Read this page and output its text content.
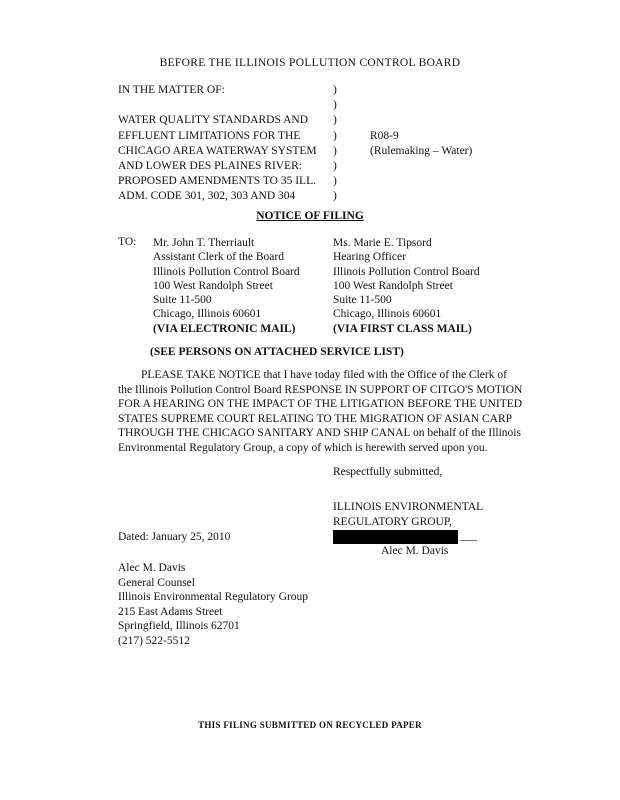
BEFORE THE ILLINOIS POLLUTION CONTROL BOARD
IN THE MATTER OF:
WATER QUALITY STANDARDS AND
EFFLUENT LIMITATIONS FOR THE
CHICAGO AREA WATERWAY SYSTEM
AND LOWER DES PLAINES RIVER:
PROPOSED AMENDMENTS TO 35 ILL.
ADM. CODE 301, 302, 303 AND 304
)
)
)
)
)
)
)
)
R08-9
(Rulemaking – Water)
NOTICE OF FILING
TO: Mr. John T. Therriault
Assistant Clerk of the Board
Illinois Pollution Control Board
100 West Randolph Street
Suite 11-500
Chicago, Illinois 60601
(VIA ELECTRONIC MAIL)
Ms. Marie E. Tipsord
Hearing Officer
Illinois Pollution Control Board
100 West Randolph Street
Suite 11-500
Chicago, Illinois 60601
(VIA FIRST CLASS MAIL)
(SEE PERSONS ON ATTACHED SERVICE LIST)
PLEASE TAKE NOTICE that I have today filed with the Office of the Clerk of
the Illinois Pollution Control Board RESPONSE IN SUPPORT OF CITGO'S MOTION
FOR A HEARING ON THE IMPACT OF THE LITIGATION BEFORE THE UNITED
STATES SUPREME COURT RELATING TO THE MIGRATION OF ASIAN CARP
THROUGH THE CHICAGO SANITARY AND SHIP CANAL on behalf of the Illinois
Environmental Regulatory Group, a copy of which is herewith served upon you.
Respectfully submitted,
ILLINOIS ENVIRONMENTAL
REGULATORY GROUP,
Dated: January 25, 2010	___
Alec M. Davis
Alec M. Davis
General Counsel
Illinois Environmental Regulatory Group
215 East Adams Street
Springfield, Illinois 62701
(217) 522-5512
THIS FILING SUBMITTED ON RECYCLED PAPER
